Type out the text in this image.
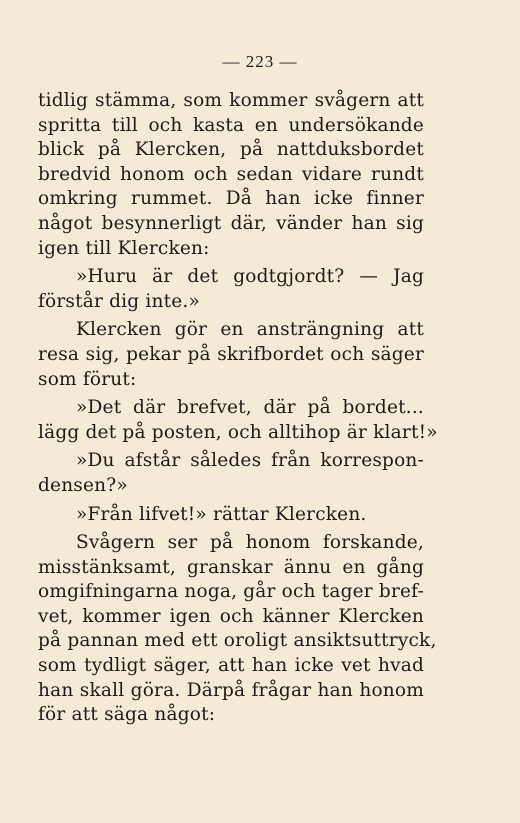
— 223 —
tidlig stämma, som kommer svågern att
spritta till och kasta en undersökande
blick på Klercken, på nattduksbordet
bredvid honom och sedan vidare rundt
omkring rummet. Då han icke finner
något besynnerligt där, vänder han sig
igen till Klercken:
»Huru är det godtgjordt? — Jag
förstår dig inte.»
Klercken gör en ansträngning att
resa sig, pekar på skrifbordet och säger
som förut:
»Det där brefvet, där på bordet...
lägg det på posten, och alltihop är klart!»
»Du afstår således från korrespon-
densen?»
»Från lifvet!» rättar Klercken.
Svågern ser på honom forskande,
misstänksamt, granskar ännu en gång
omgifningarna noga, går och tager bref-
vet, kommer igen och känner Klercken
på pannan med ett oroligt ansiktsuttryck,
som tydligt säger, att han icke vet hvad
han skall göra. Därpå frågar han honom
för att säga något:
